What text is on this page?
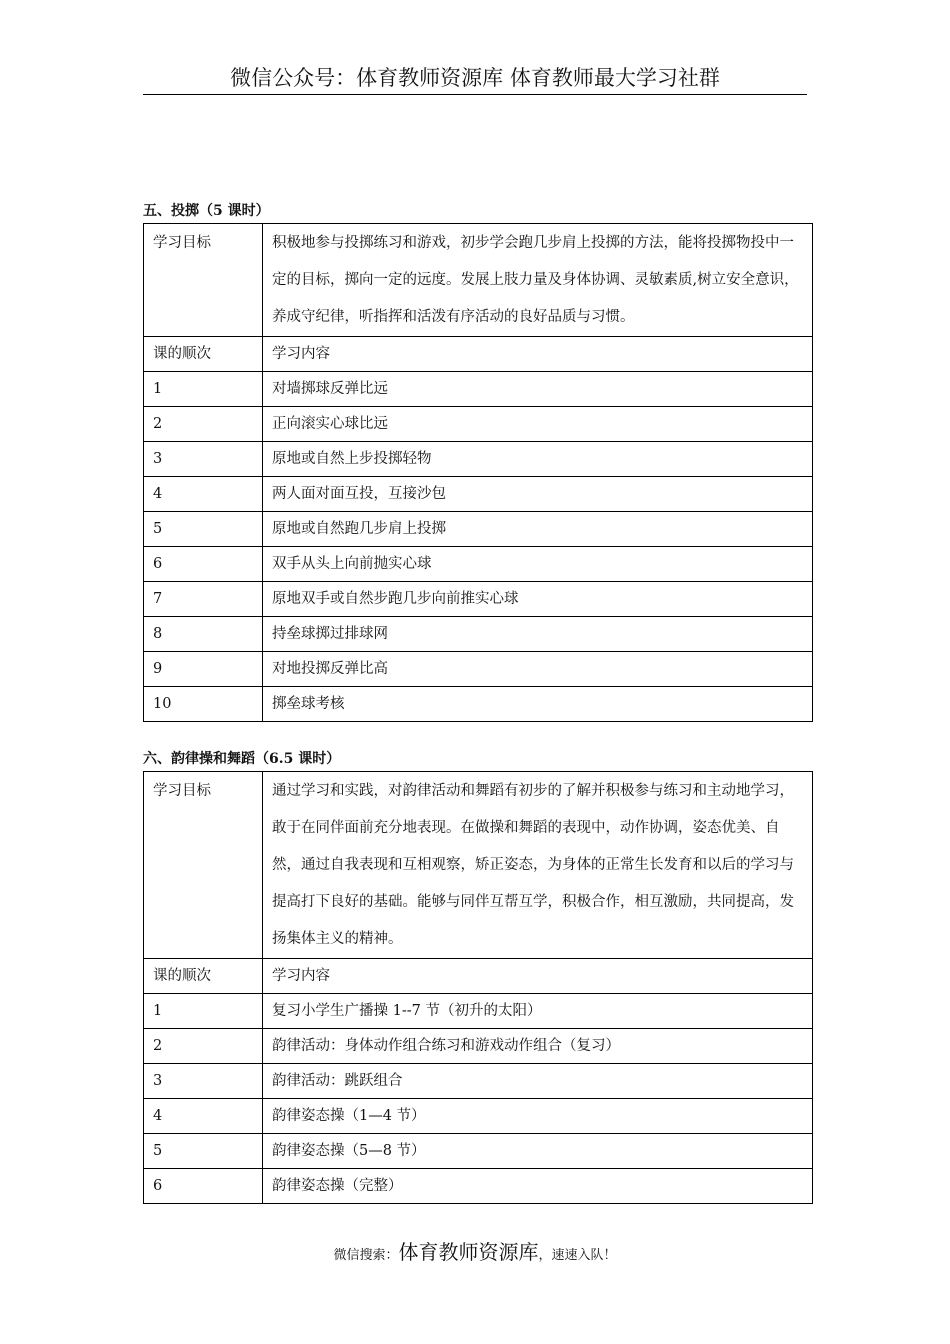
微信公众号：体育教师资源库 体育教师最大学习社群
五、投掷（5 课时）
学习目标	积极地参与投掷练习和游戏，初步学会跑几步肩上投掷的方法，能将投掷物投中一定的目标，掷向一定的远度。发展上肢力量及身体协调、灵敏素质,树立安全意识，养成守纪律，听指挥和活泼有序活动的良好品质与习惯。
课的顺次	学习内容
1	对墙掷球反弹比远
2	正向滚实心球比远
3	原地或自然上步投掷轻物
4	两人面对面互投，互接沙包
5	原地或自然跑几步肩上投掷
6	双手从头上向前抛实心球
7	原地双手或自然步跑几步向前推实心球
8	持垒球掷过排球网
9	对地投掷反弹比高
10	掷垒球考核
六、韵律操和舞蹈（6.5 课时）
学习目标	通过学习和实践，对韵律活动和舞蹈有初步的了解并积极参与练习和主动地学习，敢于在同伴面前充分地表现。在做操和舞蹈的表现中，动作协调，姿态优美、自然，通过自我表现和互相观察，矫正姿态，为身体的正常生长发育和以后的学习与提高打下良好的基础。能够与同伴互帮互学，积极合作，相互激励，共同提高，发扬集体主义的精神。
课的顺次	学习内容
1	复习小学生广播操 1--7 节（初升的太阳）
2	韵律活动：身体动作组合练习和游戏动作组合（复习）
3	韵律活动：跳跃组合
4	韵律姿态操（1—4 节）
5	韵律姿态操（5—8 节）
6	韵律姿态操（完整）
微信搜索：体育教师资源库，速速入队！
